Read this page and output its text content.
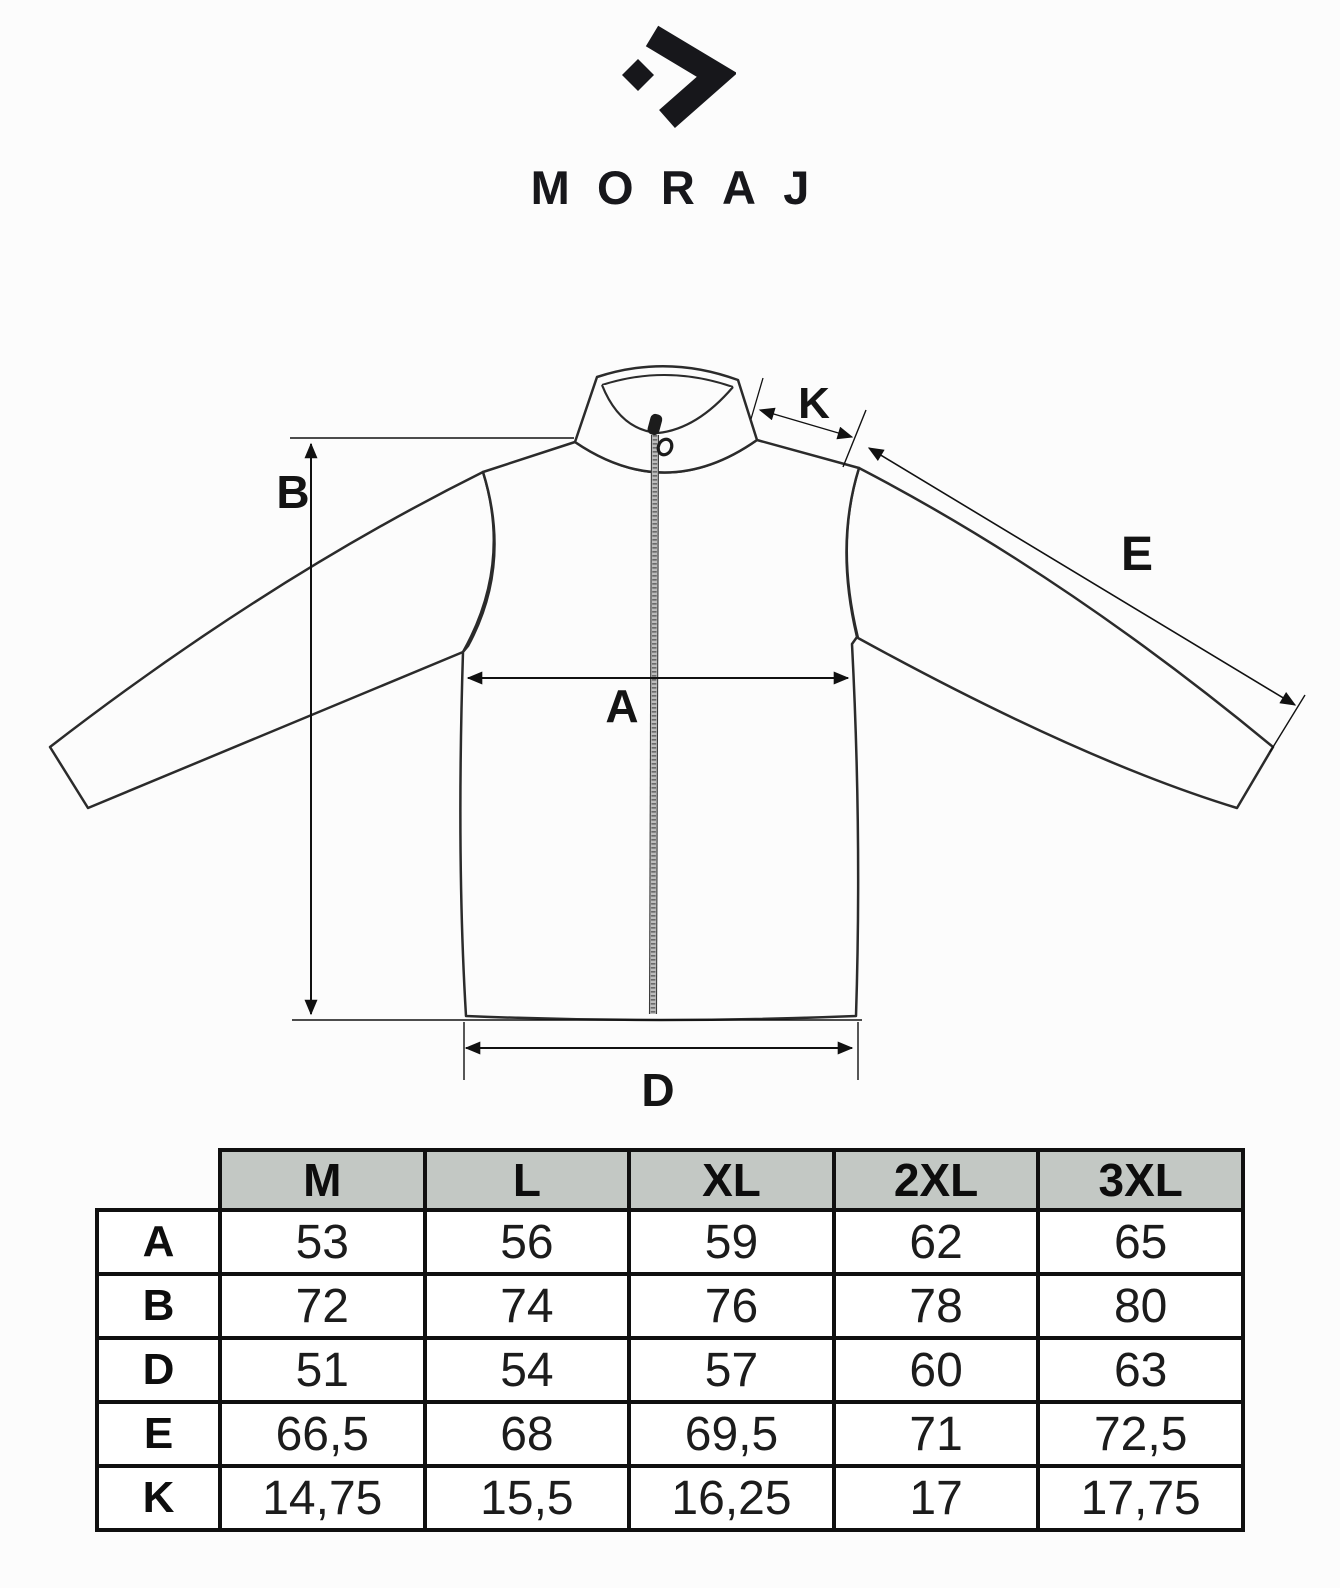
MORAJ
B
A
D
E
K
	M	L	XL	2XL	3XL
A	53	56	59	62	65
B	72	74	76	78	80
D	51	54	57	60	63
E	66,5	68	69,5	71	72,5
K	14,75	15,5	16,25	17	17,75
